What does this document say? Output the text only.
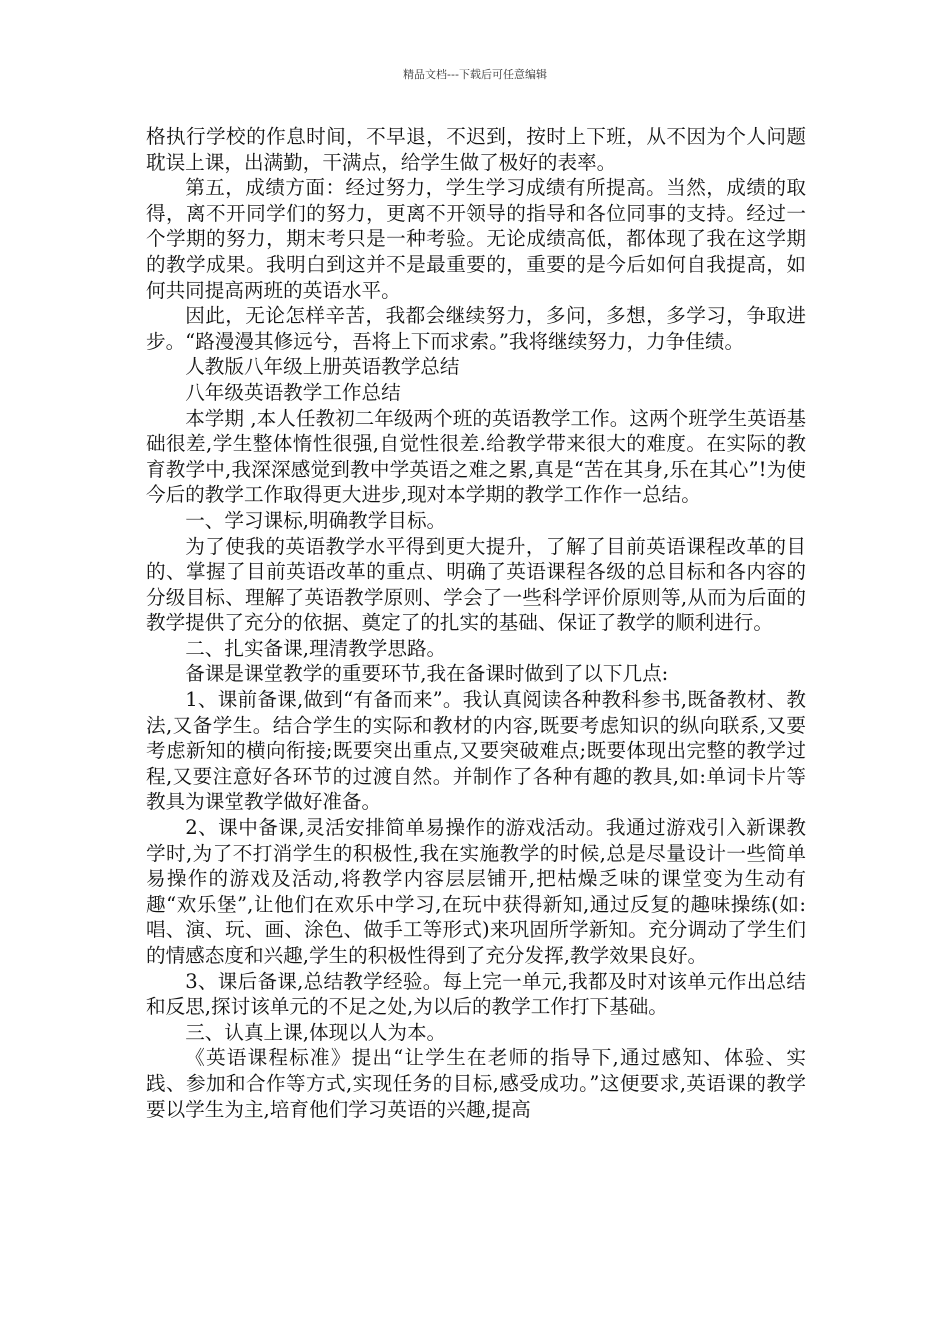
精品文档---下载后可任意编辑

格执行学校的作息时间，不早退，不迟到，按时上下班，从不因为个人问题耽误上课，出满勤，干满点，给学生做了极好的表率。

第五，成绩方面：经过努力，学生学习成绩有所提高。当然，成绩的取得，离不开同学们的努力，更离不开领导的指导和各位同事的支持。经过一个学期的努力，期末考只是一种考验。无论成绩高低，都体现了我在这学期的教学成果。我明白到这并不是最重要的，重要的是今后如何自我提高，如何共同提高两班的英语水平。

因此，无论怎样辛苦，我都会继续努力，多问，多想，多学习，争取进步。“路漫漫其修远兮，吾将上下而求索。”我将继续努力，力争佳绩。

人教版八年级上册英语教学总结

八年级英语教学工作总结

本学期 ,本人任教初二年级两个班的英语教学工作。这两个班学生英语基础很差,学生整体惰性很强,自觉性很差.给教学带来很大的难度。在实际的教育教学中,我深深感觉到教中学英语之难之累,真是“苦在其身,乐在其心”!为使今后的教学工作取得更大进步,现对本学期的教学工作作一总结。

一、学习课标,明确教学目标。

为了使我的英语教学水平得到更大提升，了解了目前英语课程改革的目的、掌握了目前英语改革的重点、明确了英语课程各级的总目标和各内容的分级目标、理解了英语教学原则、学会了一些科学评价原则等,从而为后面的教学提供了充分的依据、奠定了的扎实的基础、保证了教学的顺利进行。

二、扎实备课,理清教学思路。

备课是课堂教学的重要环节,我在备课时做到了以下几点:

1、课前备课,做到“有备而来”。我认真阅读各种教科参书,既备教材、教法,又备学生。结合学生的实际和教材的内容,既要考虑知识的纵向联系,又要考虑新知的横向衔接;既要突出重点,又要突破难点;既要体现出完整的教学过程,又要注意好各环节的过渡自然。并制作了各种有趣的教具,如:单词卡片等教具为课堂教学做好准备。

2、课中备课,灵活安排简单易操作的游戏活动。我通过游戏引入新课教学时,为了不打消学生的积极性,我在实施教学的时候,总是尽量设计一些简单易操作的游戏及活动,将教学内容层层铺开,把枯燥乏味的课堂变为生动有趣“欢乐堡”,让他们在欢乐中学习,在玩中获得新知,通过反复的趣味操练(如:唱、演、玩、画、涂色、做手工等形式)来巩固所学新知。充分调动了学生们的情感态度和兴趣,学生的积极性得到了充分发挥,教学效果良好。

3、课后备课,总结教学经验。每上完一单元,我都及时对该单元作出总结和反思,探讨该单元的不足之处,为以后的教学工作打下基础。

三、认真上课,体现以人为本。

《英语课程标准》提出“让学生在老师的指导下,通过感知、体验、实践、参加和合作等方式,实现任务的目标,感受成功。”这便要求,英语课的教学要以学生为主,培育他们学习英语的兴趣,提高
